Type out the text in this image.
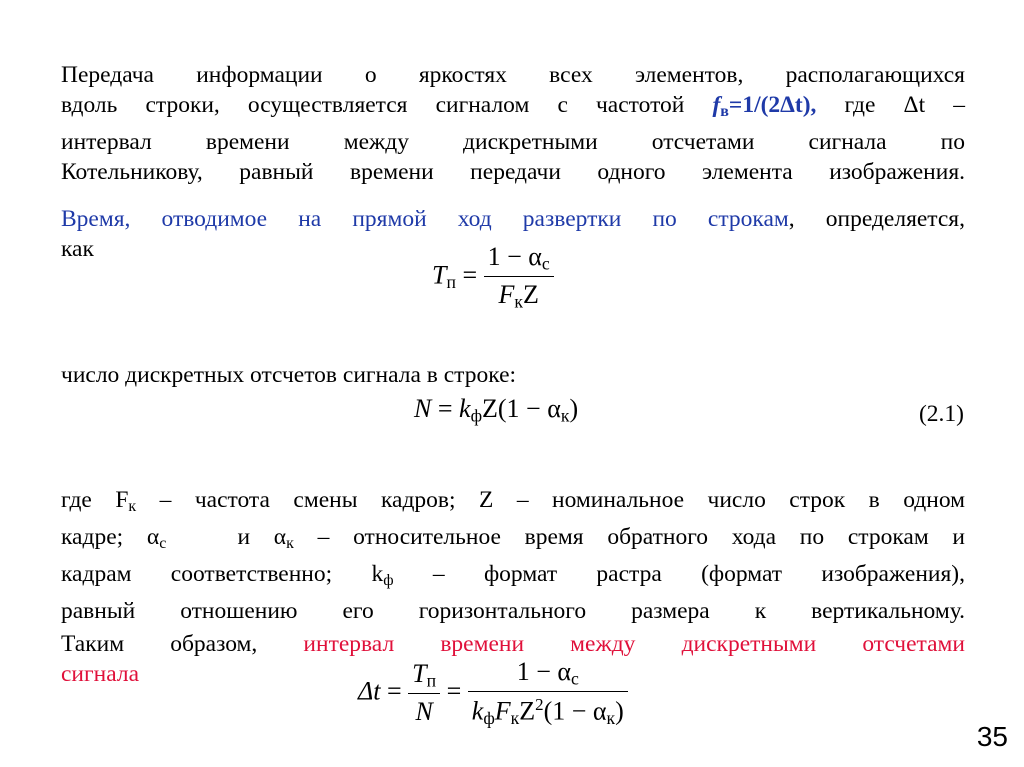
Передача информации о яркостях всех элементов, располагающихся
вдоль строки, осуществляется сигналом с частотой $f_в=1/(2\Delta t)$, где Δt –
интервал времени между дискретными отсчетами сигнала по
Котельникову, равный времени передачи одного элемента изображения.
Время, отводимое на прямой ход развертки по строкам, определяется,
как
$T_п = \frac{1 - \alpha_с}{F_кZ}$
число дискретных отсчетов сигнала в строке:
$N = k_фZ(1 - \alpha_к)$	(2.1)
где $F_к$ – частота смены кадров; Z – номинальное число строк в одном
кадре; $\alpha_с$	и $\alpha_к$ – относительное время обратного хода по строкам и
кадрам соответственно; $k_ф$ – формат растра (формат изображения),
равный отношению его горизонтального размера к вертикальному.
Таким образом, интервал времени между дискретными отсчетами
сигнала
$\Delta t = \frac{T_п}{N} = \frac{1 - \alpha_с}{k_фF_кZ^2(1 - \alpha_к)}$
35
